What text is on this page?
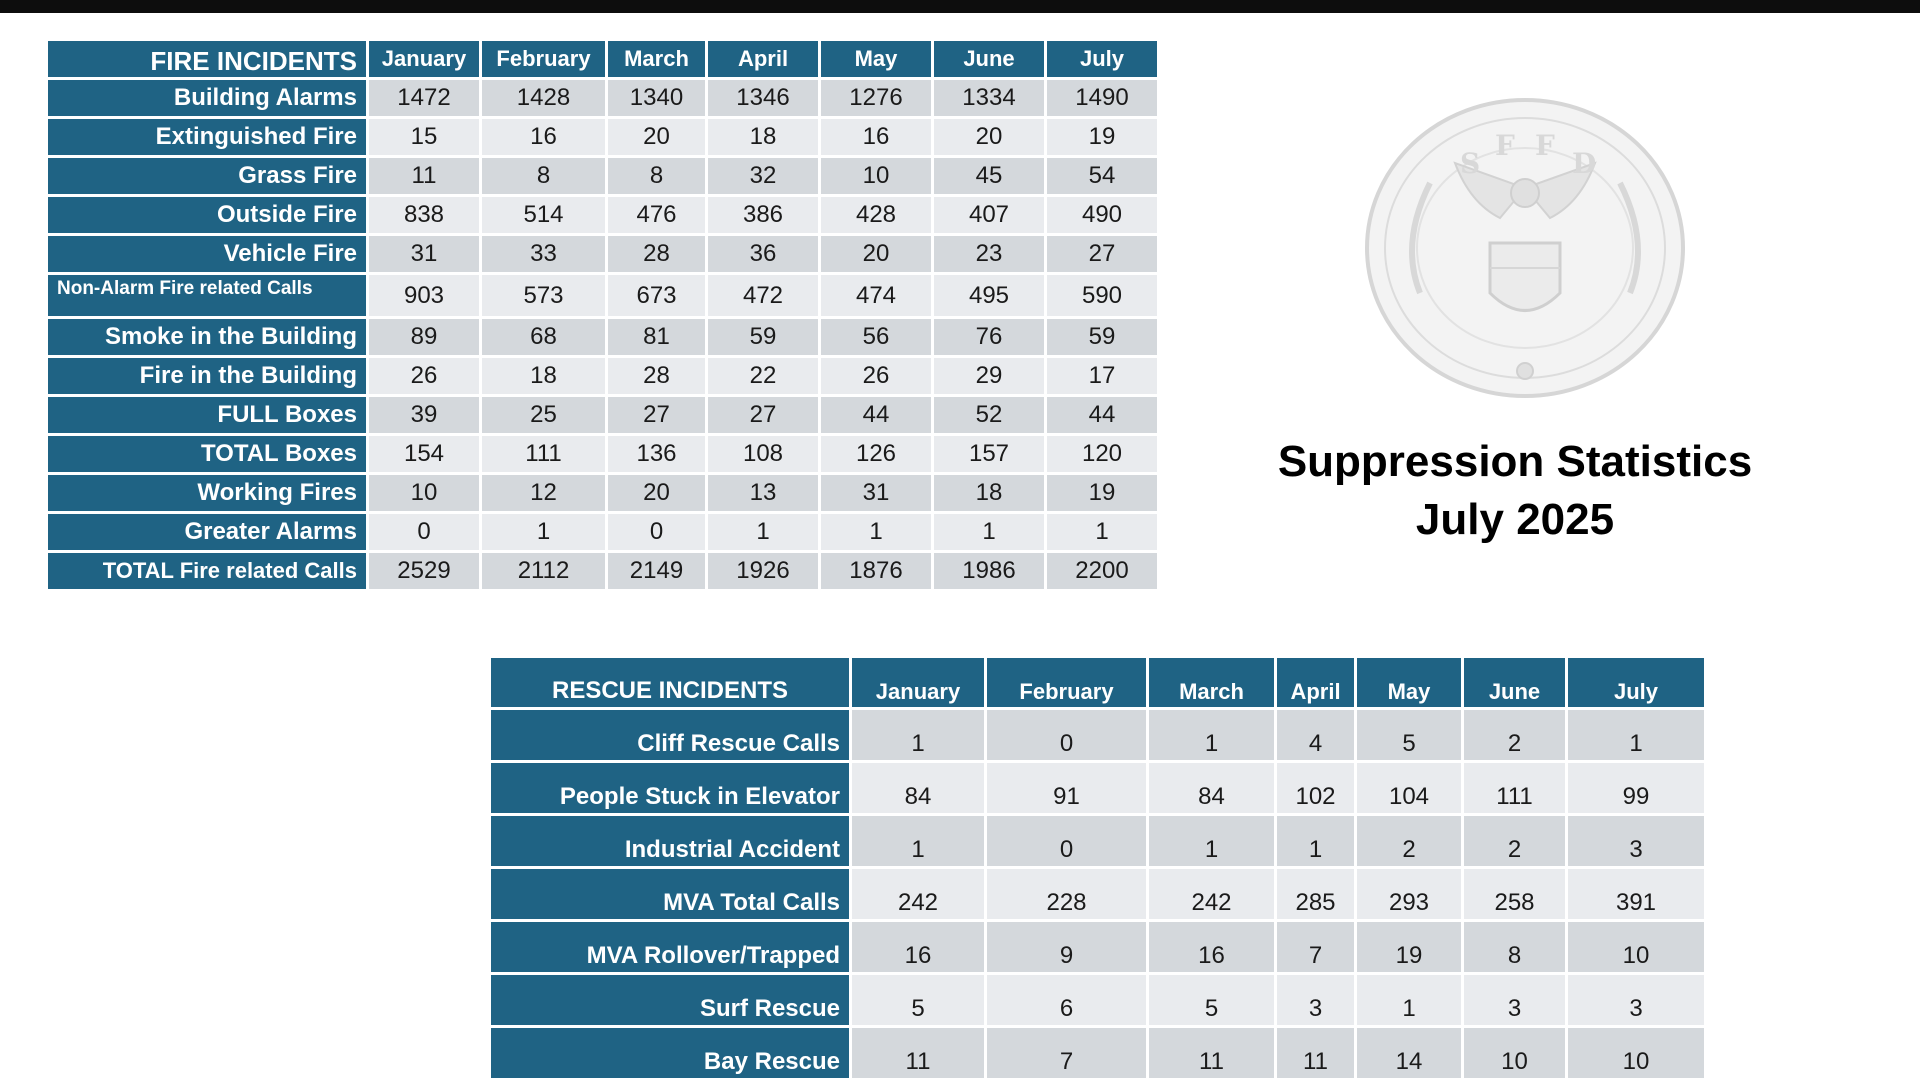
FIRE INCIDENTS	January	February	March	April	May	June	July
Building Alarms	1472	1428	1340	1346	1276	1334	1490
Extinguished Fire	15	16	20	18	16	20	19
Grass Fire	11	8	8	32	10	45	54
Outside Fire	838	514	476	386	428	407	490
Vehicle Fire	31	33	28	36	20	23	27
Non-Alarm Fire related Calls	903	573	673	472	474	495	590
Smoke in the Building	89	68	81	59	56	76	59
Fire in the Building	26	18	28	22	26	29	17
FULL Boxes	39	25	27	27	44	52	44
TOTAL Boxes	154	111	136	108	126	157	120
Working Fires	10	12	20	13	31	18	19
Greater Alarms	0	1	0	1	1	1	1
TOTAL Fire related Calls	2529	2112	2149	1926	1876	1986	2200
S
F F
D
Suppression Statistics
July 2025
RESCUE INCIDENTS	January	February	March	April	May	June	July
Cliff Rescue Calls	1	0	1	4	5	2	1
People Stuck in Elevator	84	91	84	102	104	111	99
Industrial Accident	1	0	1	1	2	2	3
MVA Total Calls	242	228	242	285	293	258	391
MVA Rollover/Trapped	16	9	16	7	19	8	10
Surf Rescue	5	6	5	3	1	3	3
Bay Rescue	11	7	11	11	14	10	10
